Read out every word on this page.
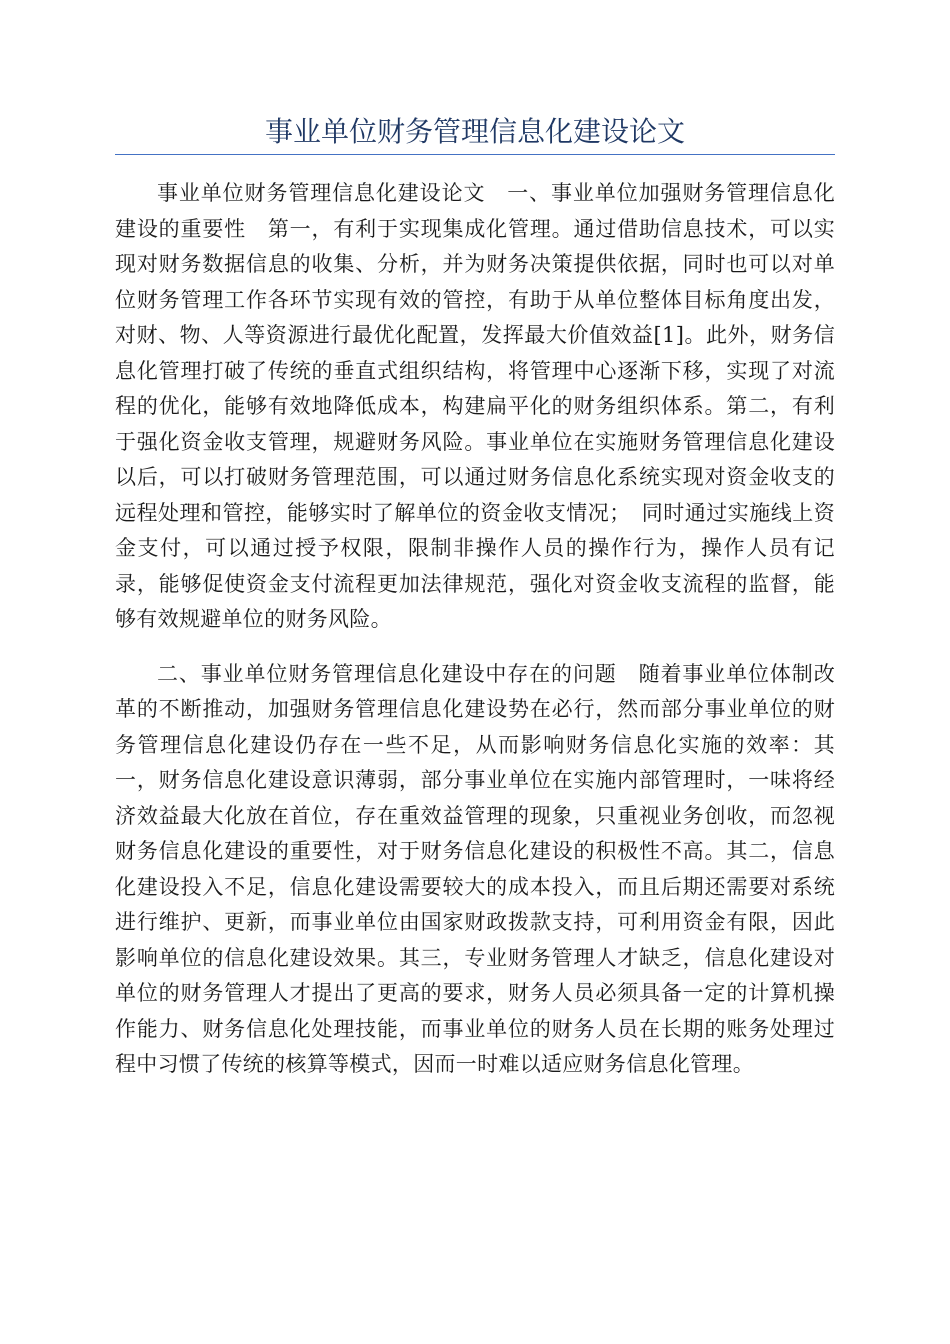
事业单位财务管理信息化建设论文

事业单位财务管理信息化建设论文　一、事业单位加强财务管理信息化建设的重要性　第一，有利于实现集成化管理。通过借助信息技术，可以实现对财务数据信息的收集、分析，并为财务决策提供依据，同时也可以对单位财务管理工作各环节实现有效的管控，有助于从单位整体目标角度出发，对财、物、人等资源进行最优化配置，发挥最大价值效益[1]。此外，财务信息化管理打破了传统的垂直式组织结构，将管理中心逐渐下移，实现了对流程的优化，能够有效地降低成本，构建扁平化的财务组织体系。第二，有利于强化资金收支管理，规避财务风险。事业单位在实施财务管理信息化建设以后，可以打破财务管理范围，可以通过财务信息化系统实现对资金收支的远程处理和管控，能够实时了解单位的资金收支情况；　同时通过实施线上资金支付，可以通过授予权限，限制非操作人员的操作行为，操作人员有记录，能够促使资金支付流程更加法律规范，强化对资金收支流程的监督，能够有效规避单位的财务风险。

二、事业单位财务管理信息化建设中存在的问题　随着事业单位体制改革的不断推动，加强财务管理信息化建设势在必行，然而部分事业单位的财务管理信息化建设仍存在一些不足，从而影响财务信息化实施的效率：其一，财务信息化建设意识薄弱，部分事业单位在实施内部管理时，一味将经济效益最大化放在首位，存在重效益管理的现象，只重视业务创收，而忽视财务信息化建设的重要性，对于财务信息化建设的积极性不高。其二，信息化建设投入不足，信息化建设需要较大的成本投入，而且后期还需要对系统进行维护、更新，而事业单位由国家财政拨款支持，可利用资金有限，因此影响单位的信息化建设效果。其三，专业财务管理人才缺乏，信息化建设对单位的财务管理人才提出了更高的要求，财务人员必须具备一定的计算机操作能力、财务信息化处理技能，而事业单位的财务人员在长期的账务处理过程中习惯了传统的核算等模式，因而一时难以适应财务信息化管理。
